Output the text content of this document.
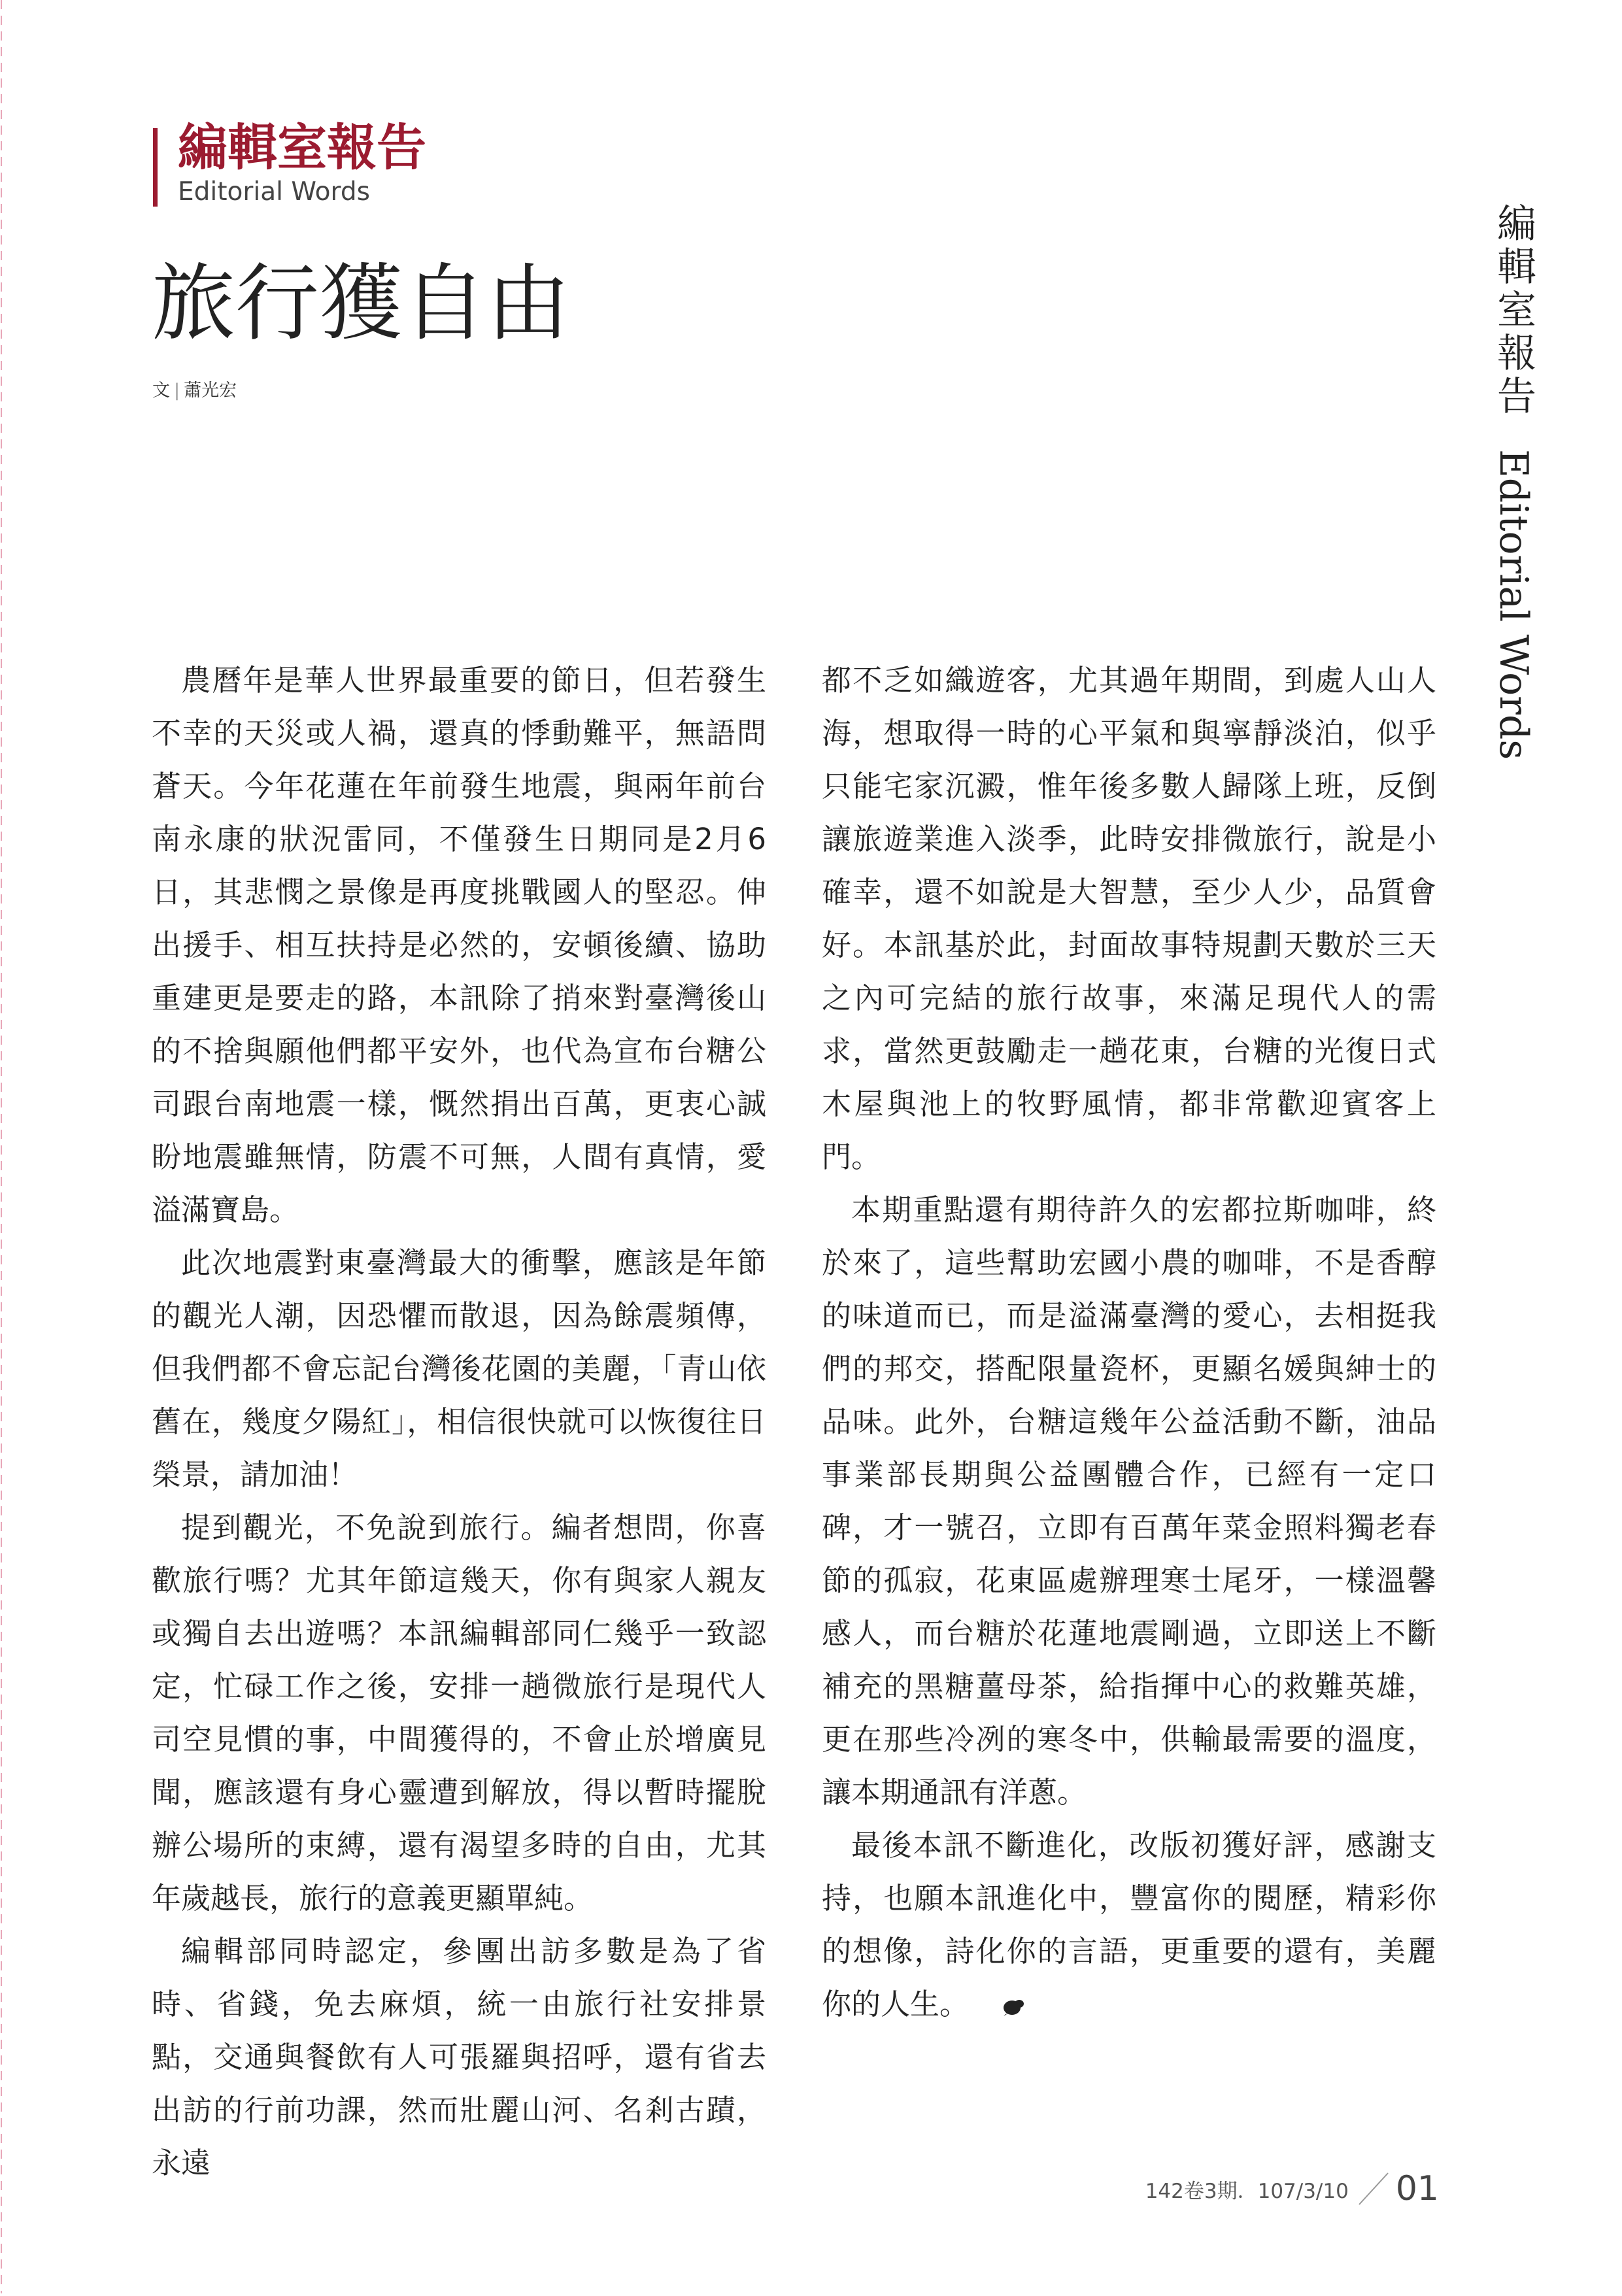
編輯室報告
Editorial Words
旅行獲自由
文 | 蕭光宏	編輯室報告 Editorial Words

農曆年是華人世界最重要的節日，但若發生不幸的天災或人禍，還真的悸動難平，無語問蒼天。今年花蓮在年前發生地震，與兩年前台南永康的狀況雷同，不僅發生日期同是2月6日，其悲憫之景像是再度挑戰國人的堅忍。伸出援手、相互扶持是必然的，安頓後續、協助重建更是要走的路，本訊除了捎來對臺灣後山的不捨與願他們都平安外，也代為宣布台糖公司跟台南地震一樣，慨然捐出百萬，更衷心誠盼地震雖無情，防震不可無，人間有真情，愛溢滿寶島。

此次地震對東臺灣最大的衝擊，應該是年節的觀光人潮，因恐懼而散退，因為餘震頻傳，但我們都不會忘記台灣後花園的美麗，「青山依舊在，幾度夕陽紅」，相信很快就可以恢復往日榮景，請加油！

提到觀光，不免說到旅行。編者想問，你喜歡旅行嗎？尤其年節這幾天，你有與家人親友或獨自去出遊嗎？本訊編輯部同仁幾乎一致認定，忙碌工作之後，安排一趟微旅行是現代人司空見慣的事，中間獲得的，不會止於增廣見聞，應該還有身心靈遭到解放，得以暫時擺脫辦公場所的束縛，還有渴望多時的自由，尤其年歲越長，旅行的意義更顯單純。

編輯部同時認定，參團出訪多數是為了省時、省錢，免去麻煩，統一由旅行社安排景點，交通與餐飲有人可張羅與招呼，還有省去出訪的行前功課，然而壯麗山河、名剎古蹟，永遠

都不乏如織遊客，尤其過年期間，到處人山人海，想取得一時的心平氣和與寧靜淡泊，似乎只能宅家沉澱，惟年後多數人歸隊上班，反倒讓旅遊業進入淡季，此時安排微旅行，說是小確幸，還不如說是大智慧，至少人少，品質會好。本訊基於此，封面故事特規劃天數於三天之內可完結的旅行故事，來滿足現代人的需求，當然更鼓勵走一趟花東，台糖的光復日式木屋與池上的牧野風情，都非常歡迎賓客上門。

本期重點還有期待許久的宏都拉斯咖啡，終於來了，這些幫助宏國小農的咖啡，不是香醇的味道而已，而是溢滿臺灣的愛心，去相挺我們的邦交，搭配限量瓷杯，更顯名媛與紳士的品味。此外，台糖這幾年公益活動不斷，油品事業部長期與公益團體合作，已經有一定口碑，才一號召，立即有百萬年菜金照料獨老春節的孤寂，花東區處辦理寒士尾牙，一樣溫馨感人，而台糖於花蓮地震剛過，立即送上不斷補充的黑糖薑母茶，給指揮中心的救難英雄，更在那些冷冽的寒冬中，供輸最需要的溫度，讓本期通訊有洋蔥。

最後本訊不斷進化，改版初獲好評，感謝支持，也願本訊進化中，豐富你的閱歷，精彩你的想像，詩化你的言語，更重要的還有，美麗你的人生。

142卷3期．107/3/10 01
